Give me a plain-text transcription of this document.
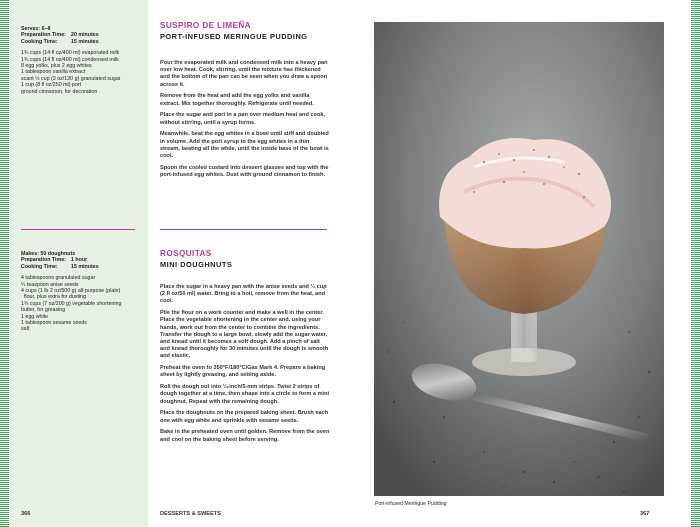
Serves: 6–8
Preparation Time: 20 minutes
Cooking Time:	15 minutes
1¾ cups (14 fl oz/400 ml) evaporated milk
1¾ cups (14 fl oz/400 ml) condensed milk
8 egg yolks, plus 2 egg whites
1 tablespoon vanilla extract
scant ½ cup (3 oz/120 g) granulated sugar
1 cup (8 fl oz/250 ml) port
ground cinnamon, for decoration
Makes: 50 doughnuts
Preparation Time: 1 hour
Cooking Time:	15 minutes
4 tablespoons granulated sugar
¼ teaspoon anise seeds
4 cups (1 lb 2 oz/500 g) all-purpose (plain)
flour, plus extra for dusting
1¾ cups (7 oz/200 g) vegetable shortening
butter, for greasing
1 egg white
1 tablespoon sesame seeds
salt
SUSPIRO DE LIMEÑA
PORT-INFUSED MERINGUE PUDDING

Pour the evaporated milk and condensed milk into a heavy pan over low heat. Cook, stirring, until the mixture has thickened and the bottom of the pan can be seen when you draw a spoon across it.

Remove from the heat and add the egg yolks and vanilla extract. Mix together thoroughly. Refrigerate until needed.

Place the sugar and port in a pan over medium heat and cook, without stirring, until a syrup forms.

Meanwhile, beat the egg whites in a bowl until stiff and doubled in volume. Add the port syrup to the egg whites in a thin stream, beating all the while, until the inside base of the bowl is cool.

Spoon the cooled custard into dessert glasses and top with the port-infused egg whites. Dust with ground cinnamon to finish.

ROSQUITAS
MINI DOUGHNUTS

Place the sugar in a heavy pan with the anise seeds and ¼ cup (2 fl oz/50 ml) water. Bring to a boil, remove from the heat, and cool.

Pile the flour on a work counter and make a well in the center. Place the vegetable shortening in the center and, using your hands, work out from the center to combine the ingredients. Transfer the dough to a large bowl, slowly add the sugar water, and knead until it becomes a soft dough. Add a pinch of salt and knead thoroughly for 30 minutes until the dough is smooth and elastic.

Preheat the oven to 350°F/180°C/Gas Mark 4. Prepare a baking sheet by lightly greasing, and setting aside.

Roll the dough out into ¼-inch/5-mm strips. Twist 2 strips of dough together at a time, then shape into a circle to form a mini doughnut. Repeat with the remaining dough.

Place the doughnuts on the prepared baking sheet. Brush each one with egg white and sprinkle with sesame seeds.

Bake in the preheated oven until golden. Remove from the oven and cool on the baking sheet before serving.

366	DESSERTS & SWEETS
Port-infused Meringue Pudding
367
